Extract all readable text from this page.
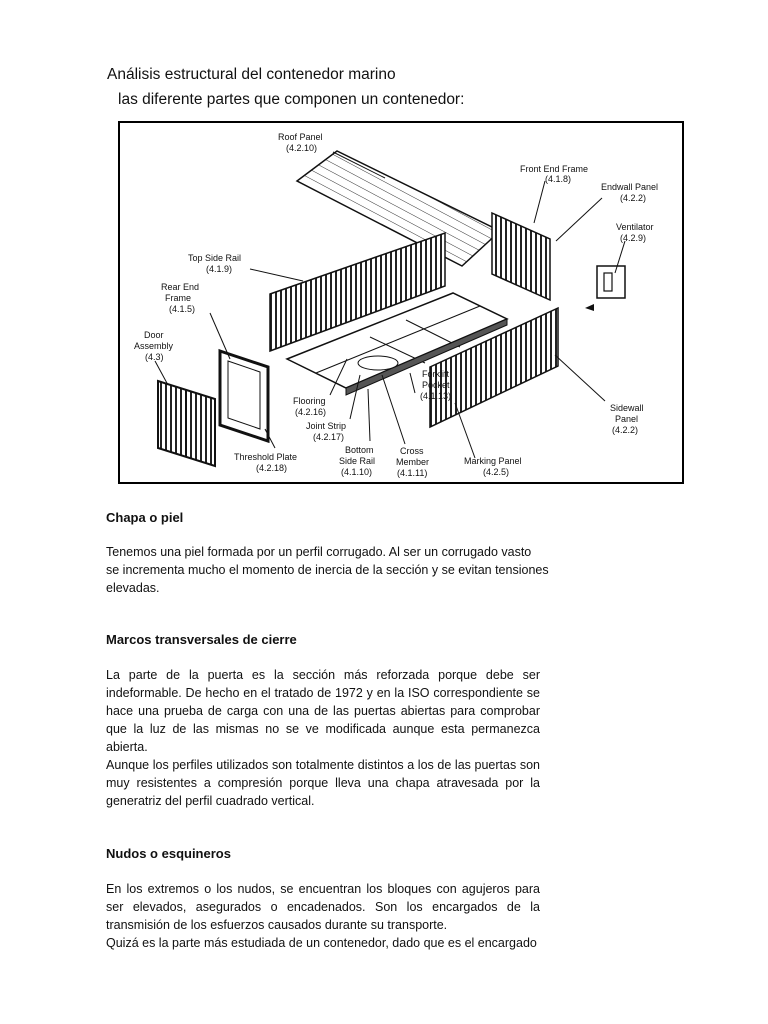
Análisis estructural del contenedor marino
las diferente partes que componen un contenedor:
Roof Panel
(4.2.10)
Front End Frame
(4.1.8)
Endwall Panel
(4.2.2)
Ventilator
(4.2.9)
Top Side Rail
(4.1.9)
Rear End
Frame
(4.1.5)
Door
Assembly
(4.3)
Flooring
(4.2.16)
Joint Strip
(4.2.17)
Forklift
Pocket
(4.1.13)
Bottom
Side Rail
(4.1.10)
Cross
Member
(4.1.11)
Threshold Plate
(4.2.18)
Marking Panel
(4.2.5)
Sidewall
Panel
(4.2.2)
Chapa o piel

Tenemos una piel formada por un perfil corrugado. Al ser un corrugado vasto

se incrementa mucho el momento de inercia de la sección y se evitan tensiones

elevadas.

Marcos transversales de cierre
La parte de la puerta es la sección más reforzada porque debe ser indeformable. De hecho en el tratado de 1972 y en la ISO correspondiente se hace una prueba de carga con una de las puertas abiertas para comprobar que la luz de las mismas no se ve modificada aunque esta permanezca abierta.
Aunque los perfiles utilizados son totalmente distintos a los de las puertas son muy resistentes a compresión porque lleva una chapa atravesada por la generatriz del perfil cuadrado vertical.
Nudos o esquineros
En los extremos o los nudos, se encuentran los bloques con agujeros para ser elevados, asegurados o encadenados. Son los encargados de la transmisión de los esfuerzos causados durante su transporte.
Quizá es la parte más estudiada de un contenedor, dado que es el encargado
